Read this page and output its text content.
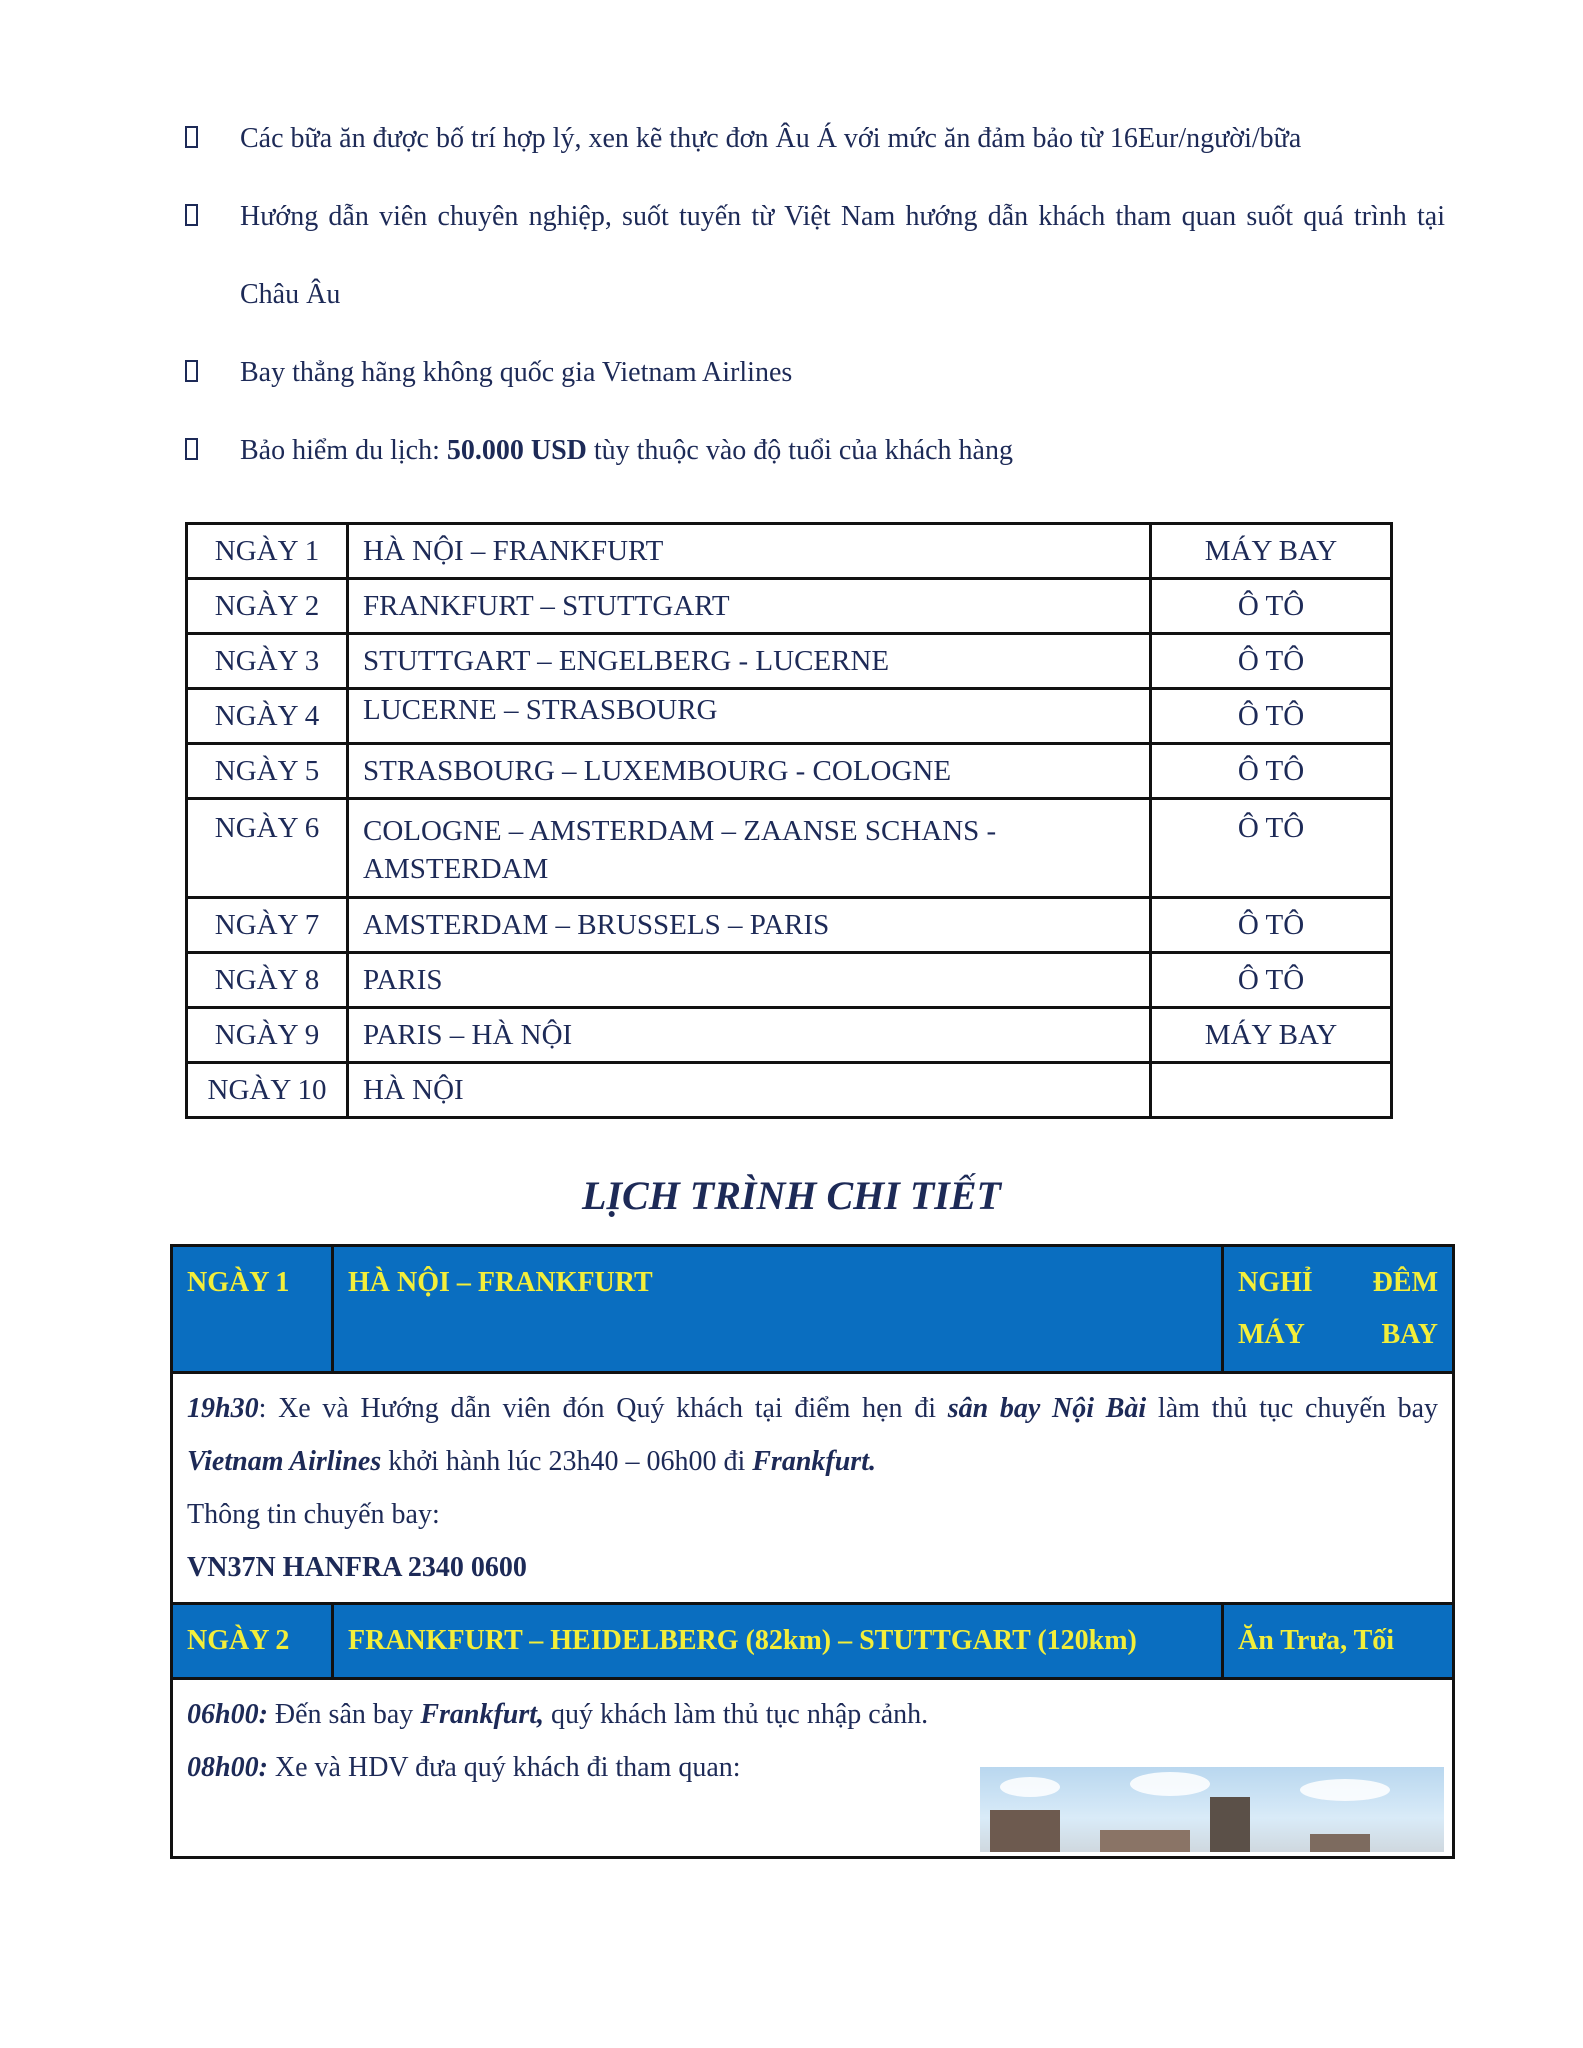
Các bữa ăn được bố trí hợp lý, xen kẽ thực đơn Âu Á với mức ăn đảm bảo từ 16Eur/người/bữa
Hướng dẫn viên chuyên nghiệp, suốt tuyến từ Việt Nam hướng dẫn khách tham quan suốt quá trình tại Châu Âu
Bay thẳng hãng không quốc gia Vietnam Airlines
Bảo hiểm du lịch: 50.000 USD tùy thuộc vào độ tuổi của khách hàng
NGÀY 1	HÀ NỘI – FRANKFURT	MÁY BAY
NGÀY 2	FRANKFURT – STUTTGART	Ô TÔ
NGÀY 3	STUTTGART – ENGELBERG - LUCERNE	Ô TÔ
NGÀY 4	LUCERNE – STRASBOURG	Ô TÔ
NGÀY 5	STRASBOURG – LUXEMBOURG - COLOGNE	Ô TÔ
NGÀY 6	COLOGNE – AMSTERDAM – ZAANSE SCHANS - AMSTERDAM	Ô TÔ
NGÀY 7	AMSTERDAM – BRUSSELS – PARIS	Ô TÔ
NGÀY 8	PARIS	Ô TÔ
NGÀY 9	PARIS – HÀ NỘI	MÁY BAY
NGÀY 10	HÀ NỘI	
LỊCH TRÌNH CHI TIẾT
NGÀY 1	HÀ NỘI – FRANKFURT	NGHỈ ĐÊM MÁY BAY

19h30: Xe và Hướng dẫn viên đón Quý khách tại điểm hẹn đi sân bay Nội Bài làm thủ tục chuyến bay Vietnam Airlines khởi hành lúc 23h40 – 06h00 đi Frankfurt.
Thông tin chuyến bay:
VN37N HANFRA 2340 0600		

NGÀY 2	FRANKFURT – HEIDELBERG (82km) – STUTTGART (120km)	Ăn Trưa, Tối

06h00: Đến sân bay Frankfurt, quý khách làm thủ tục nhập cảnh.
08h00: Xe và HDV đưa quý khách đi tham quan:		
